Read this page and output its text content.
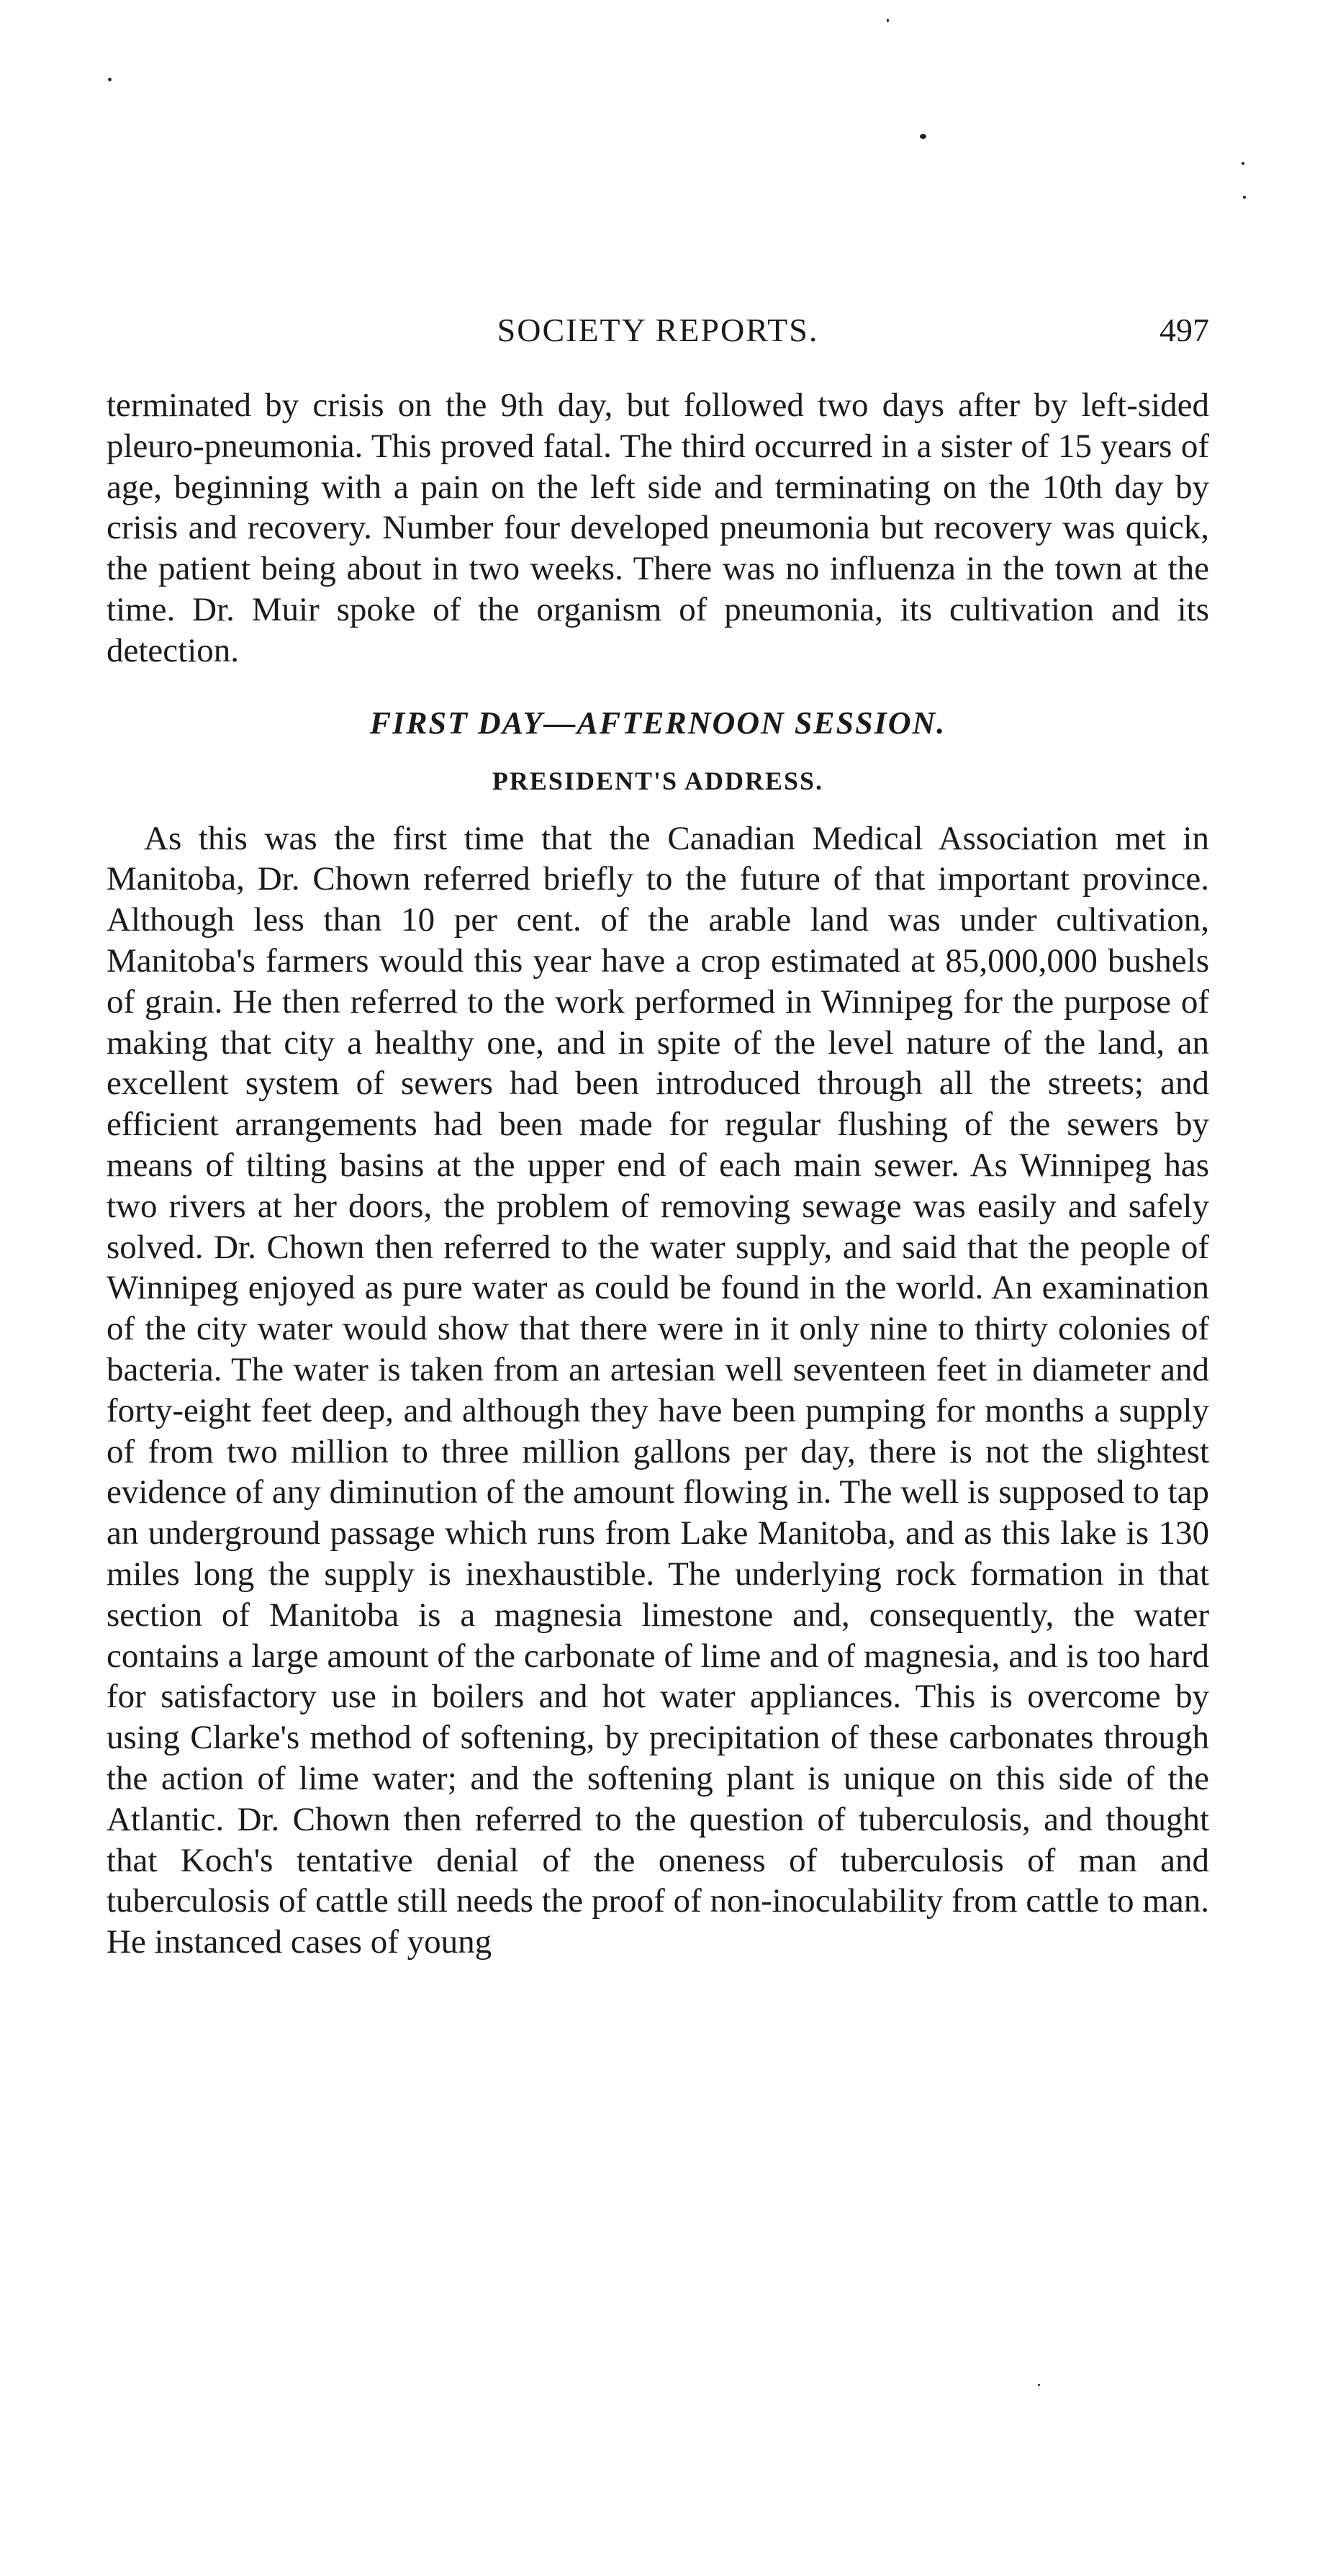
SOCIETY REPORTS.	497

terminated by crisis on the 9th day, but followed two days after by left-sided pleuro-pneumonia. This proved fatal. The third occurred in a sister of 15 years of age, beginning with a pain on the left side and terminating on the 10th day by crisis and recovery. Number four developed pneumonia but recovery was quick, the patient being about in two weeks. There was no influenza in the town at the time. Dr. Muir spoke of the organism of pneumonia, its cultivation and its detection.

FIRST DAY—AFTERNOON SESSION.
PRESIDENT'S ADDRESS.

As this was the first time that the Canadian Medical Association met in Manitoba, Dr. Chown referred briefly to the future of that important province. Although less than 10 per cent. of the arable land was under cultivation, Manitoba's farmers would this year have a crop estimated at 85,000,000 bushels of grain. He then referred to the work performed in Winnipeg for the purpose of making that city a healthy one, and in spite of the level nature of the land, an excellent system of sewers had been introduced through all the streets; and efficient arrangements had been made for regular flushing of the sewers by means of tilting basins at the upper end of each main sewer. As Winnipeg has two rivers at her doors, the problem of removing sewage was easily and safely solved. Dr. Chown then referred to the water supply, and said that the people of Winnipeg enjoyed as pure water as could be found in the world. An examination of the city water would show that there were in it only nine to thirty colonies of bacteria. The water is taken from an artesian well seventeen feet in diameter and forty-eight feet deep, and although they have been pumping for months a supply of from two million to three million gallons per day, there is not the slightest evidence of any diminution of the amount flowing in. The well is supposed to tap an underground passage which runs from Lake Manitoba, and as this lake is 130 miles long the supply is inexhaustible. The underlying rock formation in that section of Manitoba is a magnesia limestone and, consequently, the water contains a large amount of the carbonate of lime and of magnesia, and is too hard for satisfactory use in boilers and hot water appliances. This is overcome by using Clarke's method of softening, by precipitation of these carbonates through the action of lime water; and the softening plant is unique on this side of the Atlantic. Dr. Chown then referred to the question of tuberculosis, and thought that Koch's tentative denial of the oneness of tuberculosis of man and tuberculosis of cattle still needs the proof of non-inoculability from cattle to man. He instanced cases of young
